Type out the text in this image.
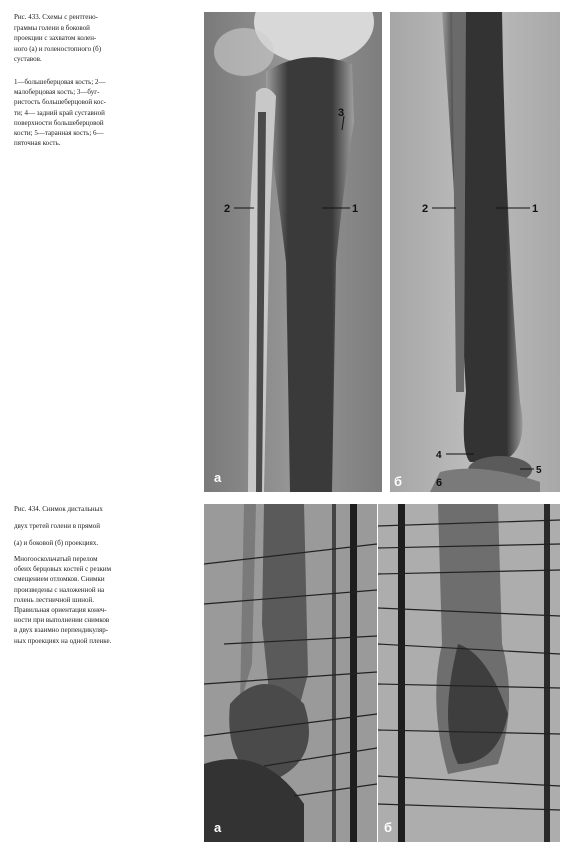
Рис. 433. Схемы с рентгено-
граммы голени в боковой
проекции с захватом колен-
ного (а) и голеностопного (б)
суставов.
1—большеберцовая кость; 2—
малоберцовая кость; 3—буг-
ристость большеберцовой кос-
ти; 4— задний край суставной
поверхности большеберцовой
кости; 5—таранная кость; 6—
пяточная кость.
3
2	1
а
2	1
4
5
6
б
Рис. 434. Снимок дистальных
двух третей голени в прямой
(а) и боковой (б) проекциях.
Многооскольчатый перелом
обеих берцовых костей с резким
смещением отломков. Снимки
произведены с наложенной на
голень лестничной шиной.
Правильная ориентация конеч-
ности при выполнении снимков
в двух взаимно перпендикуляр-
ных проекциях на одной пленке.
а	б
